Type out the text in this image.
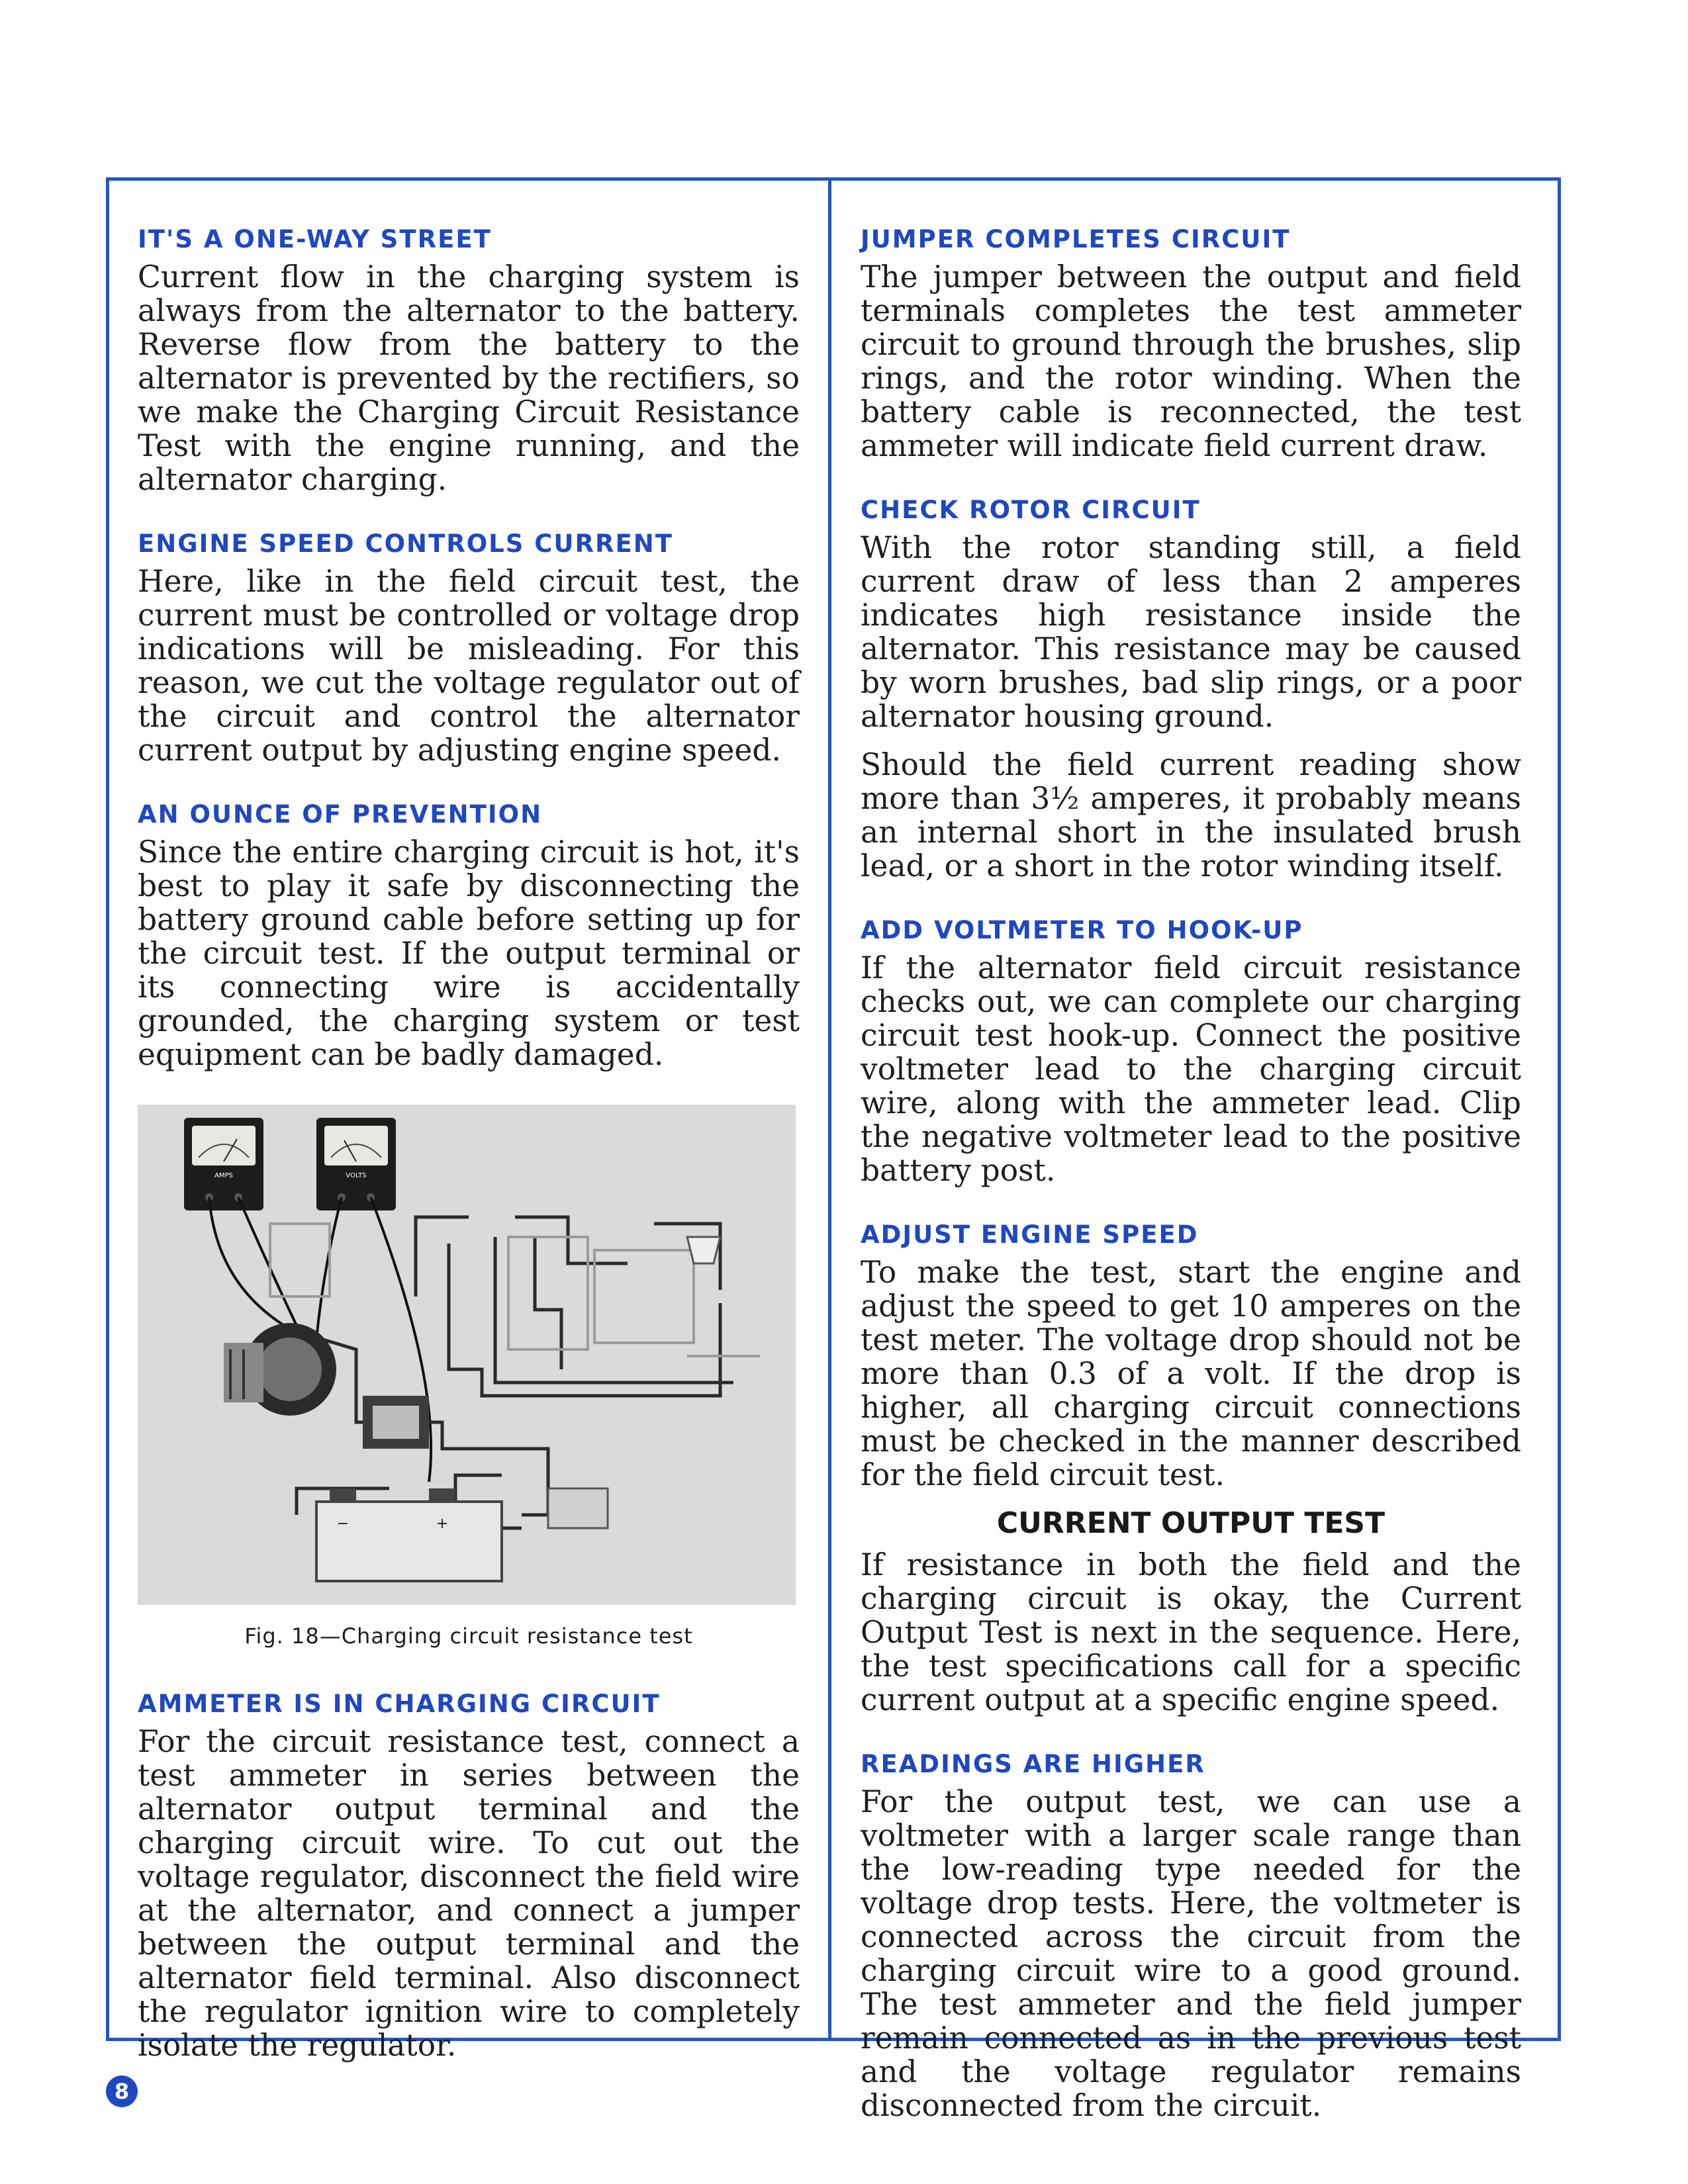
IT'S A ONE-WAY STREET

Current flow in the charging system is always from the alternator to the battery. Reverse flow from the battery to the alternator is prevented by the rectifiers, so we make the Charging Circuit Resistance Test with the engine running, and the alternator charging.

ENGINE SPEED CONTROLS CURRENT

Here, like in the field circuit test, the current must be controlled or voltage drop indications will be misleading. For this reason, we cut the voltage regulator out of the circuit and control the alternator current output by adjusting engine speed.

AN OUNCE OF PREVENTION

Since the entire charging circuit is hot, it's best to play it safe by disconnecting the battery ground cable before setting up for the circuit test. If the output terminal or its connecting wire is accidentally grounded, the charging system or test equipment can be badly damaged.

AMPS	VOLTS
−	+
Fig. 18—Charging circuit resistance test
AMMETER IS IN CHARGING CIRCUIT

For the circuit resistance test, connect a test ammeter in series between the alternator output terminal and the charging circuit wire. To cut out the voltage regulator, disconnect the field wire at the alternator, and connect a jumper between the output terminal and the alternator field terminal. Also disconnect the regulator ignition wire to completely isolate the regulator.

JUMPER COMPLETES CIRCUIT

The jumper between the output and field terminals completes the test ammeter circuit to ground through the brushes, slip rings, and the rotor winding. When the battery cable is reconnected, the test ammeter will indicate field current draw.

CHECK ROTOR CIRCUIT

With the rotor standing still, a field current draw of less than 2 amperes indicates high resistance inside the alternator. This resistance may be caused by worn brushes, bad slip rings, or a poor alternator housing ground.

Should the field current reading show more than 3½ amperes, it probably means an internal short in the insulated brush lead, or a short in the rotor winding itself.

ADD VOLTMETER TO HOOK-UP

If the alternator field circuit resistance checks out, we can complete our charging circuit test hook-up. Connect the positive voltmeter lead to the charging circuit wire, along with the ammeter lead. Clip the negative voltmeter lead to the positive battery post.

ADJUST ENGINE SPEED

To make the test, start the engine and adjust the speed to get 10 amperes on the test meter. The voltage drop should not be more than 0.3 of a volt. If the drop is higher, all charging circuit connections must be checked in the manner described for the field circuit test.

CURRENT OUTPUT TEST

If resistance in both the field and the charging circuit is okay, the Current Output Test is next in the sequence. Here, the test specifications call for a specific current output at a specific engine speed.

READINGS ARE HIGHER

For the output test, we can use a voltmeter with a larger scale range than the low-reading type needed for the voltage drop tests. Here, the voltmeter is connected across the circuit from the charging circuit wire to a good ground. The test ammeter and the field jumper remain connected as in the previous test and the voltage regulator remains disconnected from the circuit.

8
